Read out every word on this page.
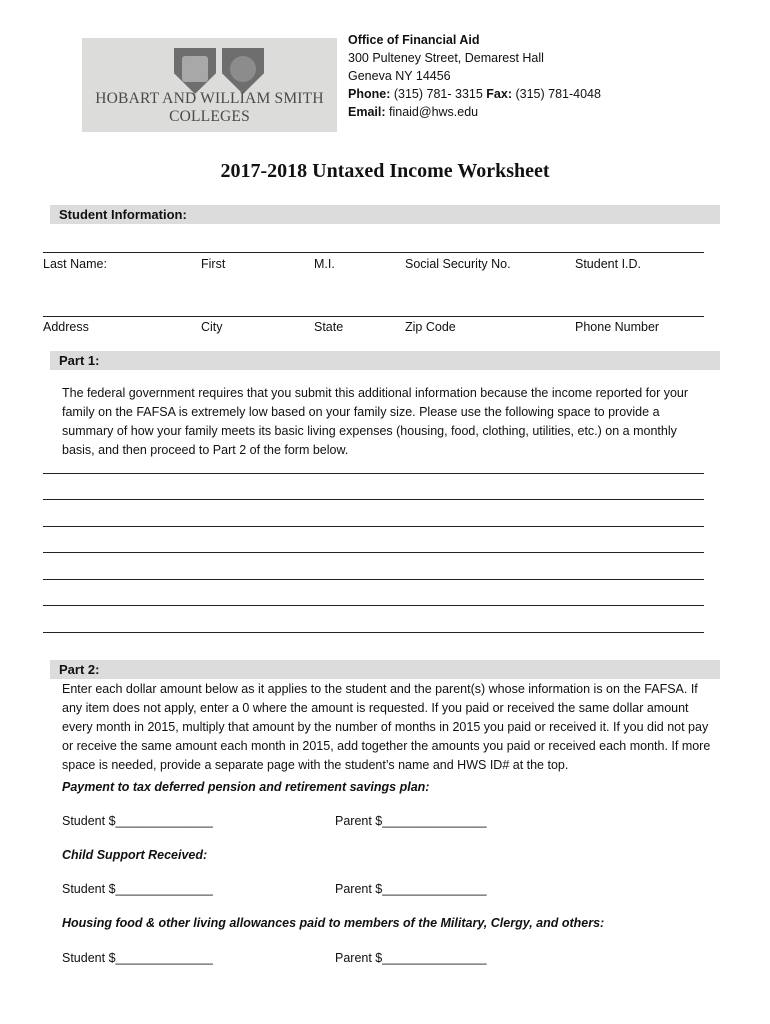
HOBART AND WILLIAM SMITH
COLLEGES
Office of Financial Aid
300 Pulteney Street, Demarest Hall
Geneva NY 14456
Phone: (315) 781- 3315 Fax: (315) 781-4048
Email: finaid@hws.edu
2017-2018 Untaxed Income Worksheet
Student Information:
Last Name:	First	M.I.	Social Security No.	Student I.D.
Address	City	State	Zip Code	Phone Number
Part 1:
The federal government requires that you submit this additional information because the income reported for your family on the FAFSA is extremely low based on your family size. Please use the following space to provide a summary of how your family meets its basic living expenses (housing, food, clothing, utilities, etc.) on a monthly basis, and then proceed to Part 2 of the form below.
Part 2:
Enter each dollar amount below as it applies to the student and the parent(s) whose information is on the FAFSA. If any item does not apply, enter a 0 where the amount is requested. If you paid or received the same dollar amount every month in 2015, multiply that amount by the number of months in 2015 you paid or received it. If you did not pay or receive the same amount each month in 2015, add together the amounts you paid or received each month. If more space is needed, provide a separate page with the student’s name and HWS ID# at the top.
Payment to tax deferred pension and retirement savings plan:
Student $______________	Parent $_______________
Child Support Received:
Student $______________	Parent $_______________
Housing food & other living allowances paid to members of the Military, Clergy, and others:
Student $______________	Parent $_______________
